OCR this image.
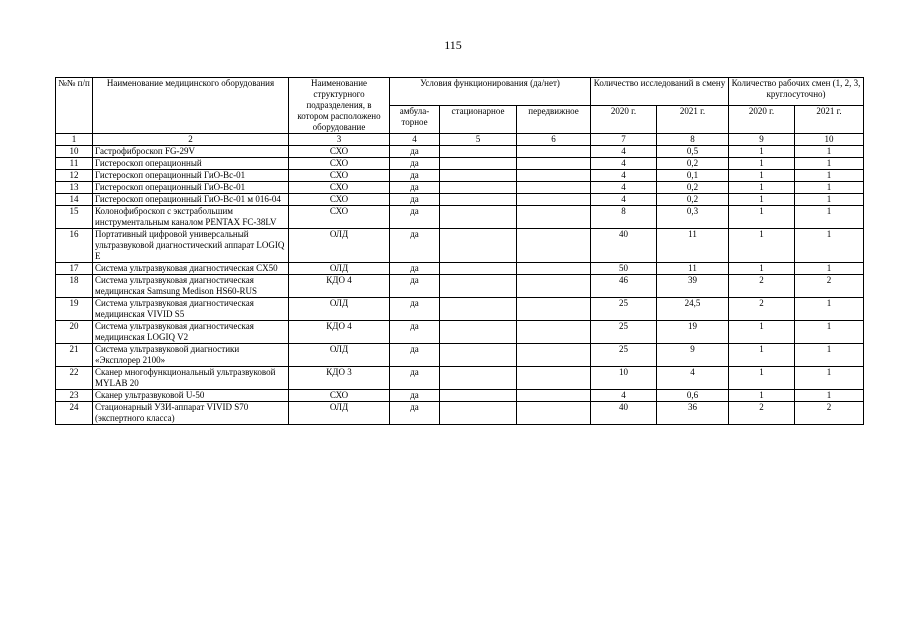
115
№№ п/п	Наименование медицинского оборудования	Наименование структурного подразделения, в котором расположено оборудование	Условия функционирования (да/нет)			Количество исследований в смену		Количество рабочих смен (1, 2, 3, круглосуточно)	
			амбула-торное	стационарное	передвижное	2020 г.	2021 г.	2020 г.	2021 г.
1	2	3	4	5	6	7	8	9	10
10	Гастрофиброскоп FG-29V	СХО	да			4	0,5	1	1
11	Гистероскоп операционный	СХО	да			4	0,2	1	1
12	Гистероскоп операционный ГиО-Вс-01	СХО	да			4	0,1	1	1
13	Гистероскоп операционный ГиО-Вс-01	СХО	да			4	0,2	1	1
14	Гистероскоп операционный ГиО-Вс-01 м 016-04	СХО	да			4	0,2	1	1
15	Колонофиброскоп с экстрабольшим инструментальным каналом PENTAX FC-38LV	СХО	да			8	0,3	1	1
16	Портативный цифровой универсальный ультразвуковой диагностический аппарат LOGIQ E	ОЛД	да			40	11	1	1
17	Система ультразвуковая диагностическая CX50	ОЛД	да			50	11	1	1
18	Система ультразвуковая диагностическая медицинская Samsung Medison HS60-RUS	КДО 4	да			46	39	2	2
19	Система ультразвуковая диагностическая медицинская VIVID S5	ОЛД	да			25	24,5	2	1
20	Система ультразвуковая диагностическая медицинская LOGIQ V2	КДО 4	да			25	19	1	1
21	Система ультразвуковой диагностики «Эксплорер 2100»	ОЛД	да			25	9	1	1
22	Сканер многофункциональный ультразвуковой MYLAB 20	КДО 3	да			10	4	1	1
23	Сканер ультразвуковой U-50	СХО	да			4	0,6	1	1
24	Стационарный УЗИ-аппарат VIVID S70 (экспертного класса)	ОЛД	да			40	36	2	2
